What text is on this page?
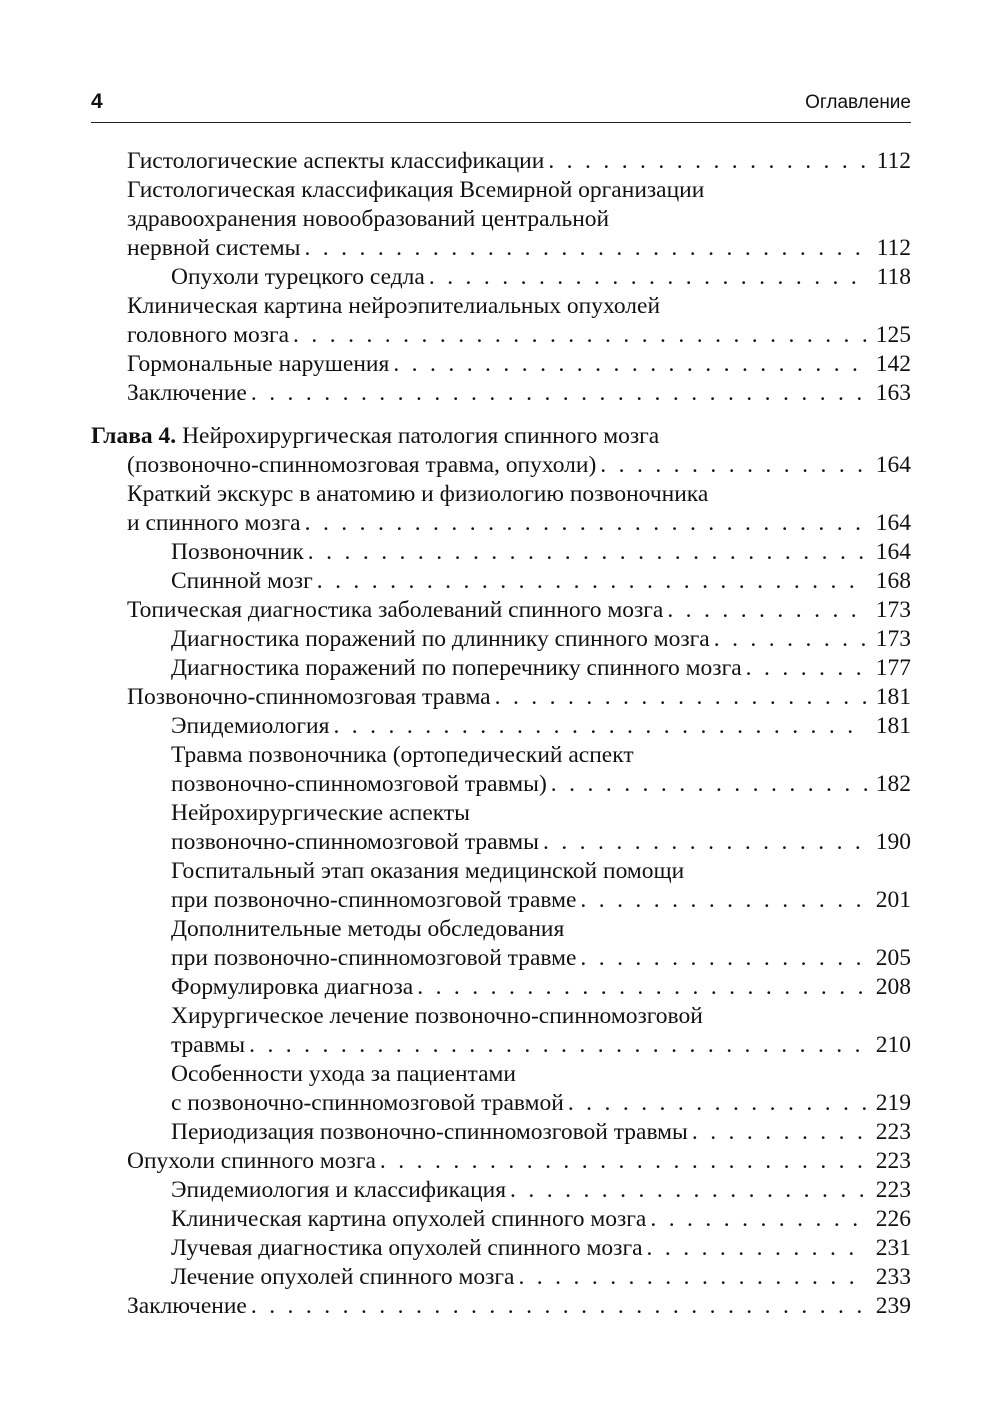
4	Оглавление
Гистологические аспекты классификации . . .	112
Гистологическая классификация Всемирной организации
здравоохранения новообразований центральной
нервной системы . . .	112
Опухоли турецкого седла . . .	118
Клиническая картина нейроэпителиальных опухолей
головного мозга . . .	125
Гормональные нарушения . . .	142
Заключение . . .	163
Глава 4. Нейрохирургическая патология спинного мозга
(позвоночно-спинномозговая травма, опухоли) . . .	164
Краткий экскурс в анатомию и физиологию позвоночника
и спинного мозга . . .	164
Позвоночник . . .	164
Спинной мозг . . .	168
Топическая диагностика заболеваний спинного мозга . . .	173
Диагностика поражений по длиннику спинного мозга . . .	173
Диагностика поражений по поперечнику спинного мозга . . .	177
Позвоночно-спинномозговая травма . . .	181
Эпидемиология . . .	181
Травма позвоночника (ортопедический аспект
позвоночно-спинномозговой травмы) . . .	182
Нейрохирургические аспекты
позвоночно-спинномозговой травмы . . .	190
Госпитальный этап оказания медицинской помощи
при позвоночно-спинномозговой травме . . .	201
Дополнительные методы обследования
при позвоночно-спинномозговой травме . . .	205
Формулировка диагноза . . .	208
Хирургическое лечение позвоночно-спинномозговой
травмы . . .	210
Особенности ухода за пациентами
с позвоночно-спинномозговой травмой . . .	219
Периодизация позвоночно-спинномозговой травмы . . .	223
Опухоли спинного мозга . . .	223
Эпидемиология и классификация . . .	223
Клиническая картина опухолей спинного мозга . . .	226
Лучевая диагностика опухолей спинного мозга . . .	231
Лечение опухолей спинного мозга . . .	233
Заключение . . .	239
